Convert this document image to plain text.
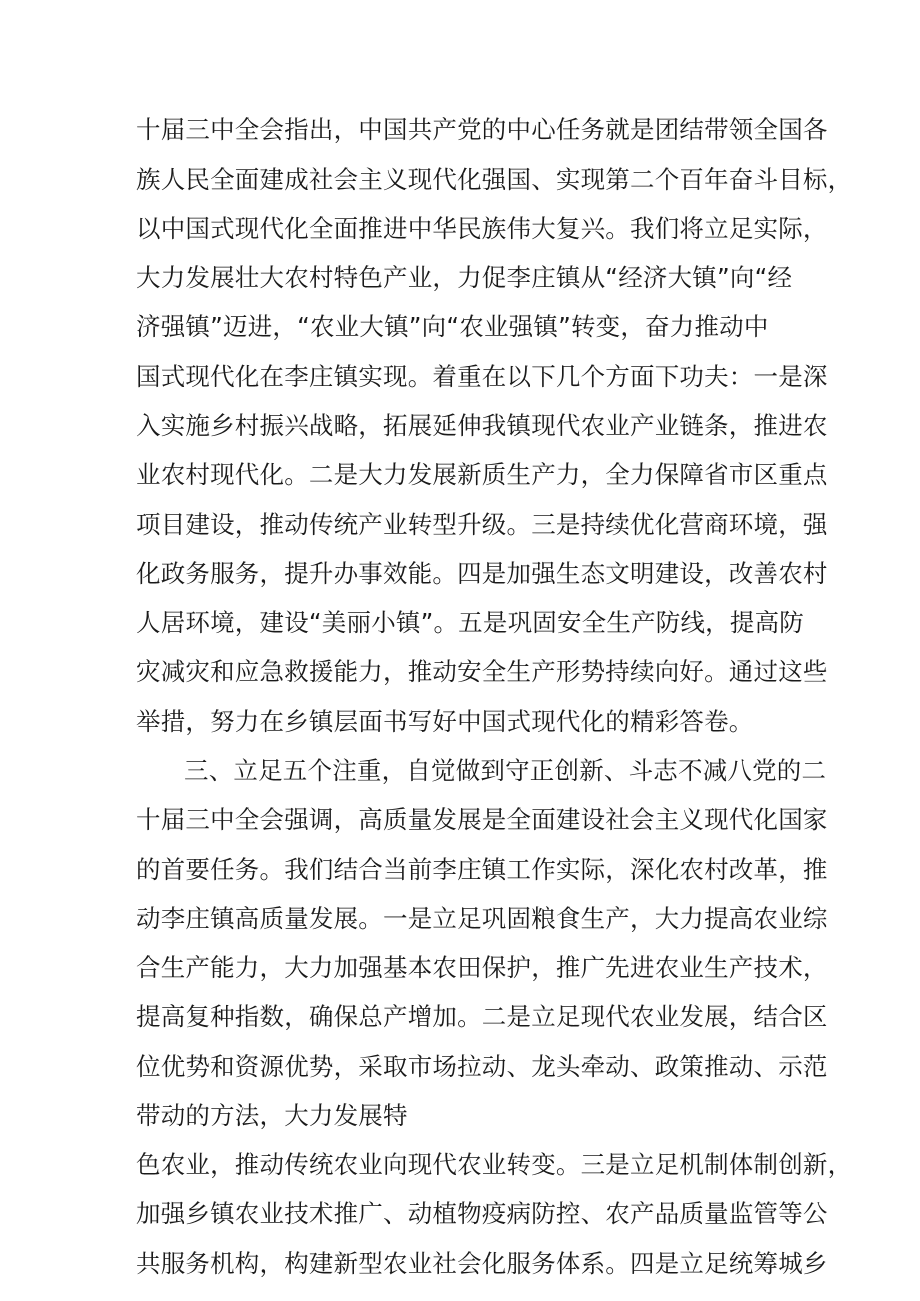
十届三中全会指出，中国共产党的中心任务就是团结带领全国各

族人民全面建成社会主义现代化强国、实现第二个百年奋斗目标，

以中国式现代化全面推进中华民族伟大复兴。我们将立足实际，

大力发展壮大农村特色产业，力促李庄镇从“经济大镇”向“经

济强镇”迈进，“农业大镇”向“农业强镇”转变，奋力推动中

国式现代化在李庄镇实现。着重在以下几个方面下功夫：一是深

入实施乡村振兴战略，拓展延伸我镇现代农业产业链条，推进农

业农村现代化。二是大力发展新质生产力，全力保障省市区重点

项目建设，推动传统产业转型升级。三是持续优化营商环境，强

化政务服务，提升办事效能。四是加强生态文明建设，改善农村

人居环境，建设“美丽小镇”。五是巩固安全生产防线，提高防

灾减灾和应急救援能力，推动安全生产形势持续向好。通过这些

举措，努力在乡镇层面书写好中国式现代化的精彩答卷。

三、立足五个注重，自觉做到守正创新、斗志不减八党的二

十届三中全会强调，高质量发展是全面建设社会主义现代化国家

的首要任务。我们结合当前李庄镇工作实际，深化农村改革，推

动李庄镇高质量发展。一是立足巩固粮食生产，大力提高农业综

合生产能力，大力加强基本农田保护，推广先进农业生产技术，

提高复种指数，确保总产增加。二是立足现代农业发展，结合区

位优势和资源优势，采取市场拉动、龙头牵动、政策推动、示范

带动的方法，大力发展特

色农业，推动传统农业向现代农业转变。三是立足机制体制创新，

加强乡镇农业技术推广、动植物疫病防控、农产品质量监管等公

共服务机构，构建新型农业社会化服务体系。四是立足统筹城乡
